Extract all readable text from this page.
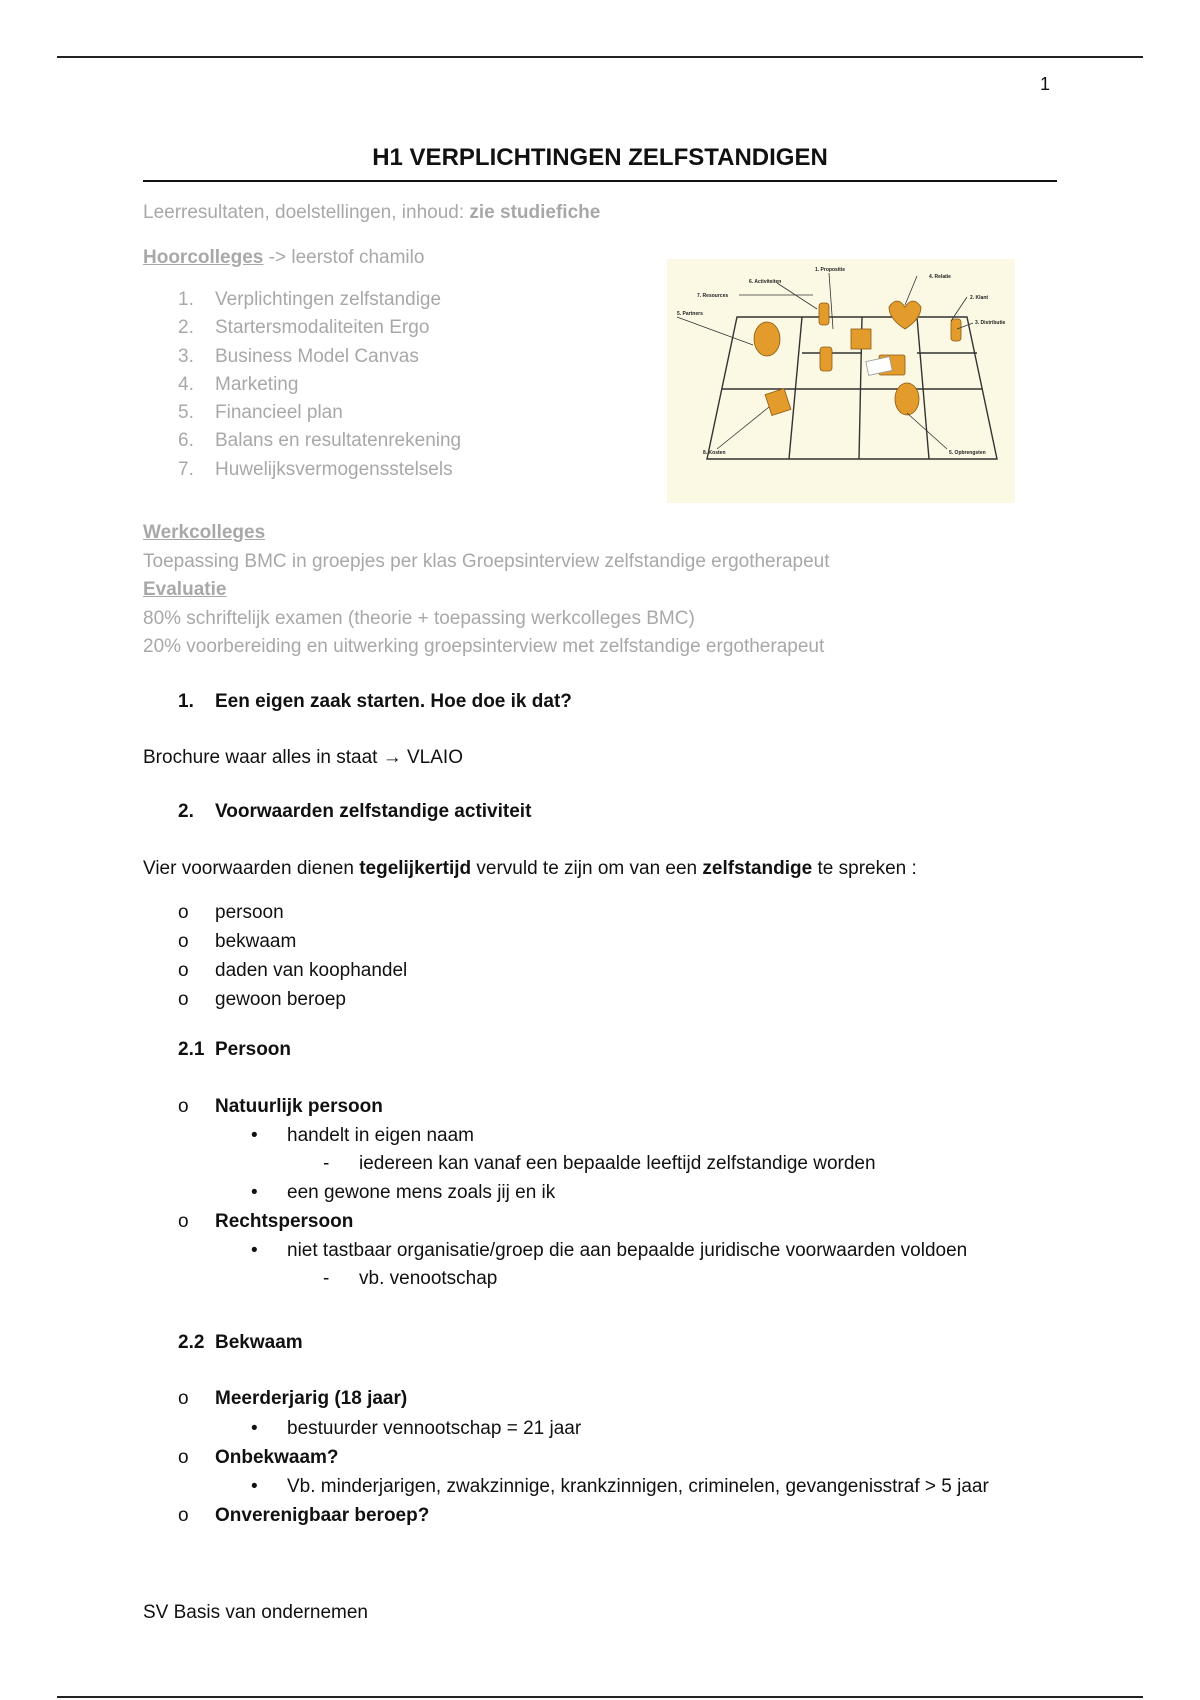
1
H1 VERPLICHTINGEN ZELFSTANDIGEN
Leerresultaten, doelstellingen, inhoud: zie studiefiche
Hoorcolleges -> leerstof chamilo
1. Verplichtingen zelfstandige
2. Startersmodaliteiten Ergo
3. Business Model Canvas
4. Marketing
5. Financieel plan
6. Balans en resultatenrekening
7. Huwelijksvermogensstelsels
1. Propositie
6. Activiteiten
4. Relatie
7. Resources	2. Klant
3. Distributie
5. Partners
8. Kosten	5. Opbrengsten
Werkcolleges
Toepassing BMC in groepjes per klas Groepsinterview zelfstandige ergotherapeut
Evaluatie
80% schriftelijk examen (theorie + toepassing werkcolleges BMC)
20% voorbereiding en uitwerking groepsinterview met zelfstandige ergotherapeut
1. Een eigen zaak starten. Hoe doe ik dat?
Brochure waar alles in staat → VLAIO
2. Voorwaarden zelfstandige activiteit
Vier voorwaarden dienen tegelijkertijd vervuld te zijn om van een zelfstandige te spreken :
o persoon
o bekwaam
o daden van koophandel
o gewoon beroep
2.1 Persoon
o Natuurlijk persoon
• handelt in eigen naam
- iedereen kan vanaf een bepaalde leeftijd zelfstandige worden
• een gewone mens zoals jij en ik
o Rechtspersoon
• niet tastbaar organisatie/groep die aan bepaalde juridische voorwaarden voldoen
- vb. venootschap
2.2 Bekwaam
o Meerderjarig (18 jaar)
• bestuurder vennootschap = 21 jaar
o Onbekwaam?
• Vb. minderjarigen, zwakzinnige, krankzinnigen, criminelen, gevangenisstraf > 5 jaar
o Onverenigbaar beroep?
SV Basis van ondernemen
